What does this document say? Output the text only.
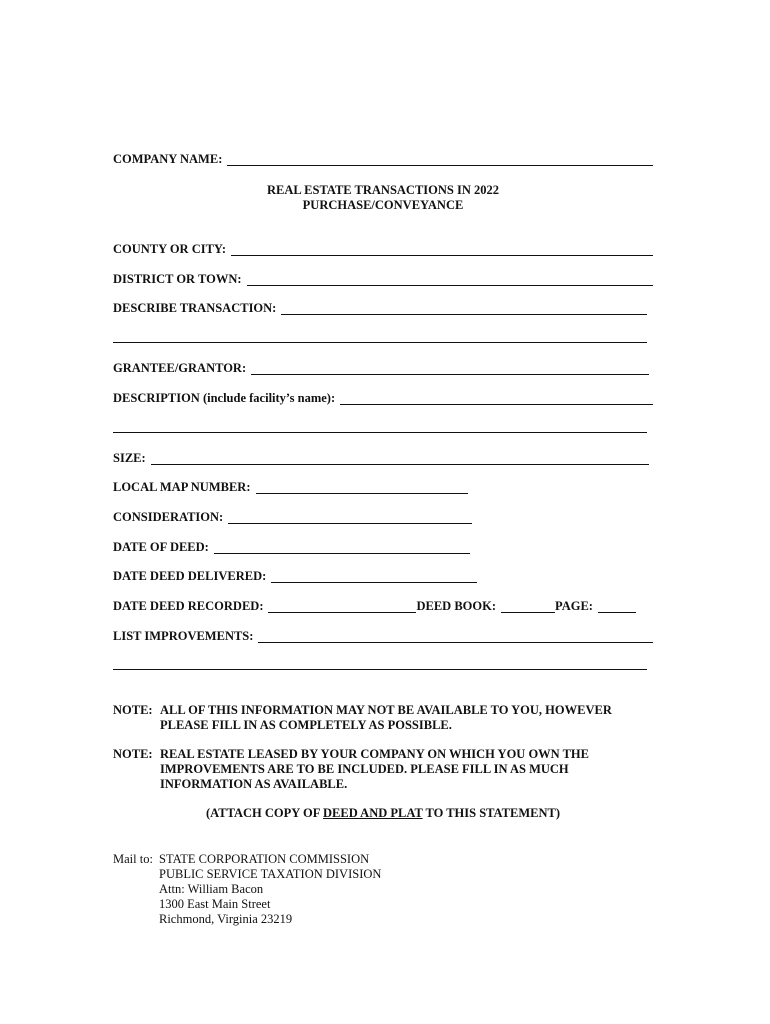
COMPANY NAME:
REAL ESTATE TRANSACTIONS IN 2022
PURCHASE/CONVEYANCE
COUNTY OR CITY:
DISTRICT OR TOWN:
DESCRIBE TRANSACTION:
GRANTEE/GRANTOR:
DESCRIPTION (include facility’s name):
SIZE:
LOCAL MAP NUMBER:
CONSIDERATION:
DATE OF DEED:
DATE DEED DELIVERED:
DATE DEED RECORDED:	DEED BOOK:	PAGE:
LIST IMPROVEMENTS:
NOTE: ALL OF THIS INFORMATION MAY NOT BE AVAILABLE TO YOU, HOWEVER
PLEASE FILL IN AS COMPLETELY AS POSSIBLE.
NOTE: REAL ESTATE LEASED BY YOUR COMPANY ON WHICH YOU OWN THE
IMPROVEMENTS ARE TO BE INCLUDED. PLEASE FILL IN AS MUCH
INFORMATION AS AVAILABLE.
(ATTACH COPY OF DEED AND PLAT TO THIS STATEMENT)
Mail to: STATE CORPORATION COMMISSION
PUBLIC SERVICE TAXATION DIVISION
Attn: William Bacon
1300 East Main Street
Richmond, Virginia 23219
